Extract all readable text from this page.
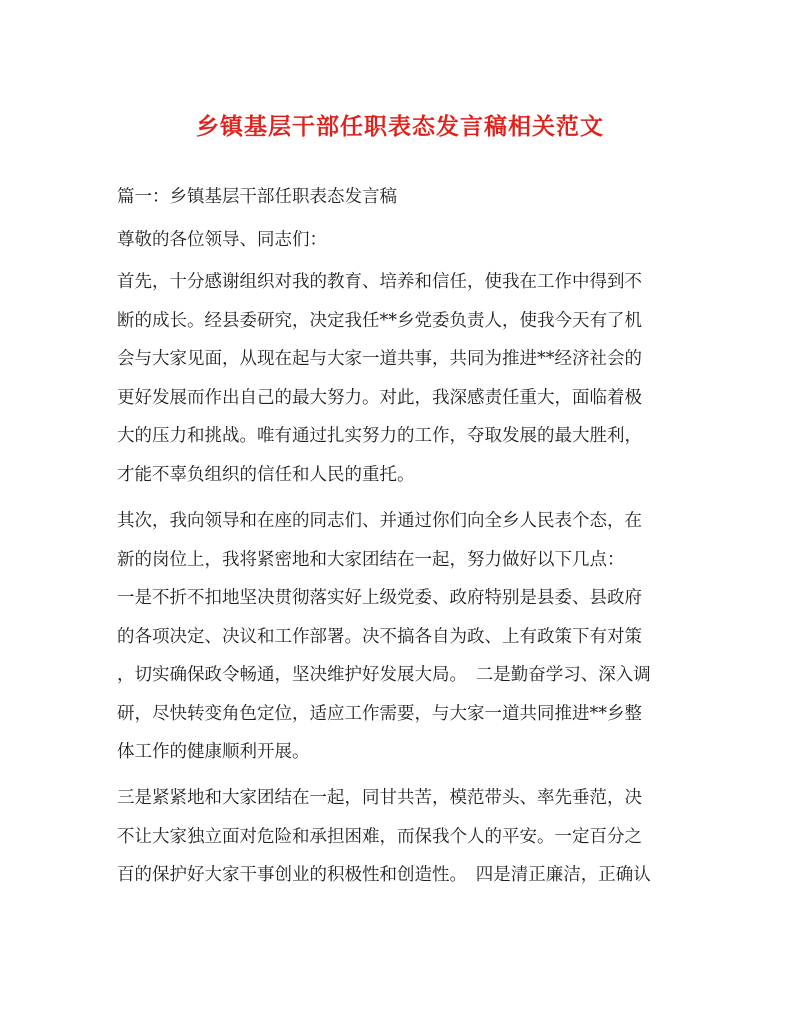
乡镇基层干部任职表态发言稿相关范文
篇一：乡镇基层干部任职表态发言稿
尊敬的各位领导、同志们：
首先，十分感谢组织对我的教育、培养和信任，使我在工作中得到不
断的成长。经县委研究，决定我任**乡党委负责人，使我今天有了机
会与大家见面，从现在起与大家一道共事，共同为推进**经济社会的
更好发展而作出自己的最大努力。对此，我深感责任重大，面临着极
大的压力和挑战。唯有通过扎实努力的工作，夺取发展的最大胜利，
才能不辜负组织的信任和人民的重托。
其次，我向领导和在座的同志们、并通过你们向全乡人民表个态，在
新的岗位上，我将紧密地和大家团结在一起，努力做好以下几点：
一是不折不扣地坚决贯彻落实好上级党委、政府特别是县委、县政府
的各项决定、决议和工作部署。决不搞各自为政、上有政策下有对策
，切实确保政令畅通，坚决维护好发展大局。　二是勤奋学习、深入调
研，尽快转变角色定位，适应工作需要，与大家一道共同推进**乡整
体工作的健康顺利开展。
三是紧紧地和大家团结在一起，同甘共苦，模范带头、率先垂范，决
不让大家独立面对危险和承担困难，而保我个人的平安。一定百分之
百的保护好大家干事创业的积极性和创造性。　四是清正廉洁，正确认
